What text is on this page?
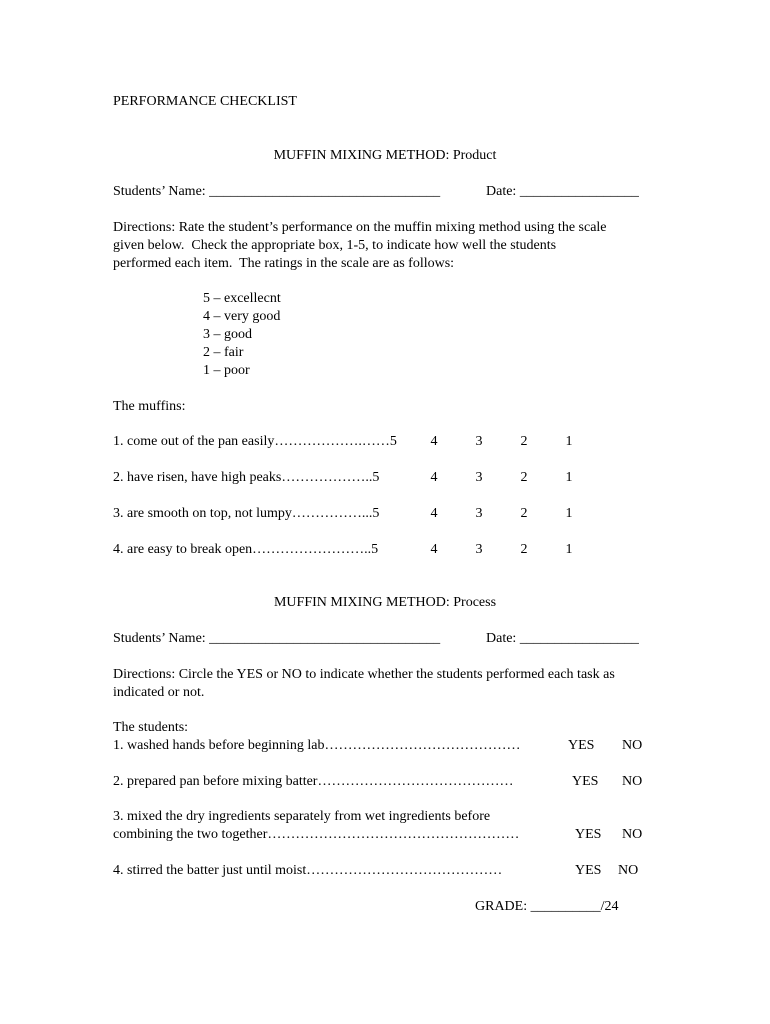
PERFORMANCE CHECKLIST
MUFFIN MIXING METHOD: Product
Students’ Name: _________________________________	Date: _________________
Directions: Rate the student’s performance on the muffin mixing method using the scale
given below.  Check the appropriate box, 1-5, to indicate how well the students
performed each item.  The ratings in the scale are as follows:
5 – excellecnt
4 – very good
3 – good
2 – fair
1 – poor
The muffins:
1. come out of the pan easily……………….……5	4	3	2	1
2. have risen, have high peaks………………..5	4	3	2	1
3. are smooth on top, not lumpy……………...5	4	3	2	1
4. are easy to break open……………………..5	4	3	2	1
MUFFIN MIXING METHOD: Process
Students’ Name: _________________________________	Date: _________________
Directions: Circle the YES or NO to indicate whether the students performed each task as
indicated or not.
The students:
1. washed hands before beginning lab……………………………………	YES NO
2. prepared pan before mixing batter……………………………………	YES NO
3. mixed the dry ingredients separately from wet ingredients before
combining the two together………………………………………………	YES NO
4. stirred the batter just until moist……………………………………	YES NO
GRADE: __________/24
